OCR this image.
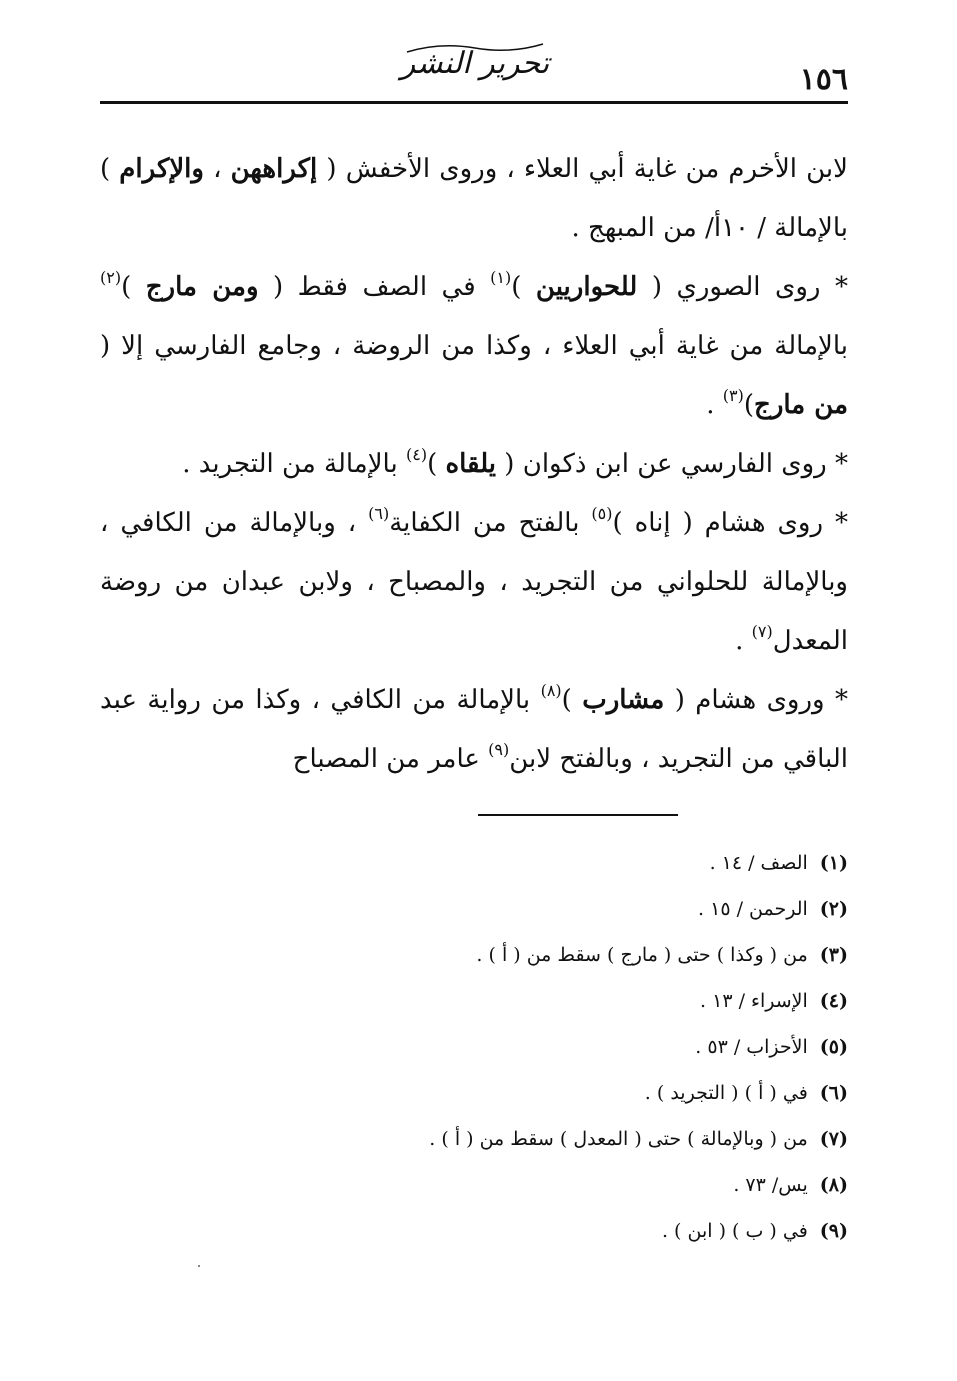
تحرير النشر	١٥٦

لابن الأخرم من غاية أبي العلاء ، وروى الأخفش ( إكراههن ، والإكرام ) بالإمالة / ١٠أ/ من المبهج .

* روى الصوري ( للحواريين )$^{(١)}$ في الصف فقط ( ومن مارج )$^{(٢)}$ بالإمالة من غاية أبي العلاء ، وكذا من الروضة ، وجامع الفارسي إلا ( من مارج)$^{(٣)}$ .

* روى الفارسي عن ابن ذكوان ( يلقاه )$^{(٤)}$ بالإمالة من التجريد .

* روى هشام ( إناه )$^{(٥)}$ بالفتح من الكفاية$^{(٦)}$ ، وبالإمالة من الكافي ، وبالإمالة للحلواني من التجريد ، والمصباح ، ولابن عبدان من روضة المعدل$^{(٧)}$ .

* وروى هشام ( مشارب )$^{(٨)}$ بالإمالة من الكافي ، وكذا من رواية عبد الباقي من التجريد ، وبالفتح لابن$^{(٩)}$ عامر من المصباح

(١)الصف / ١٤ .
(٢)الرحمن / ١٥ .
(٣)من ( وكذا ) حتى ( مارج ) سقط من ( أ ) .
(٤)الإسراء / ١٣ .
(٥)الأحزاب / ٥٣ .
(٦)في ( أ ) ( التجريد ) .
(٧)من ( وبالإمالة ) حتى ( المعدل ) سقط من ( أ ) .
(٨)يس/ ٧٣ .
(٩)في ( ب ) ( ابن ) .
